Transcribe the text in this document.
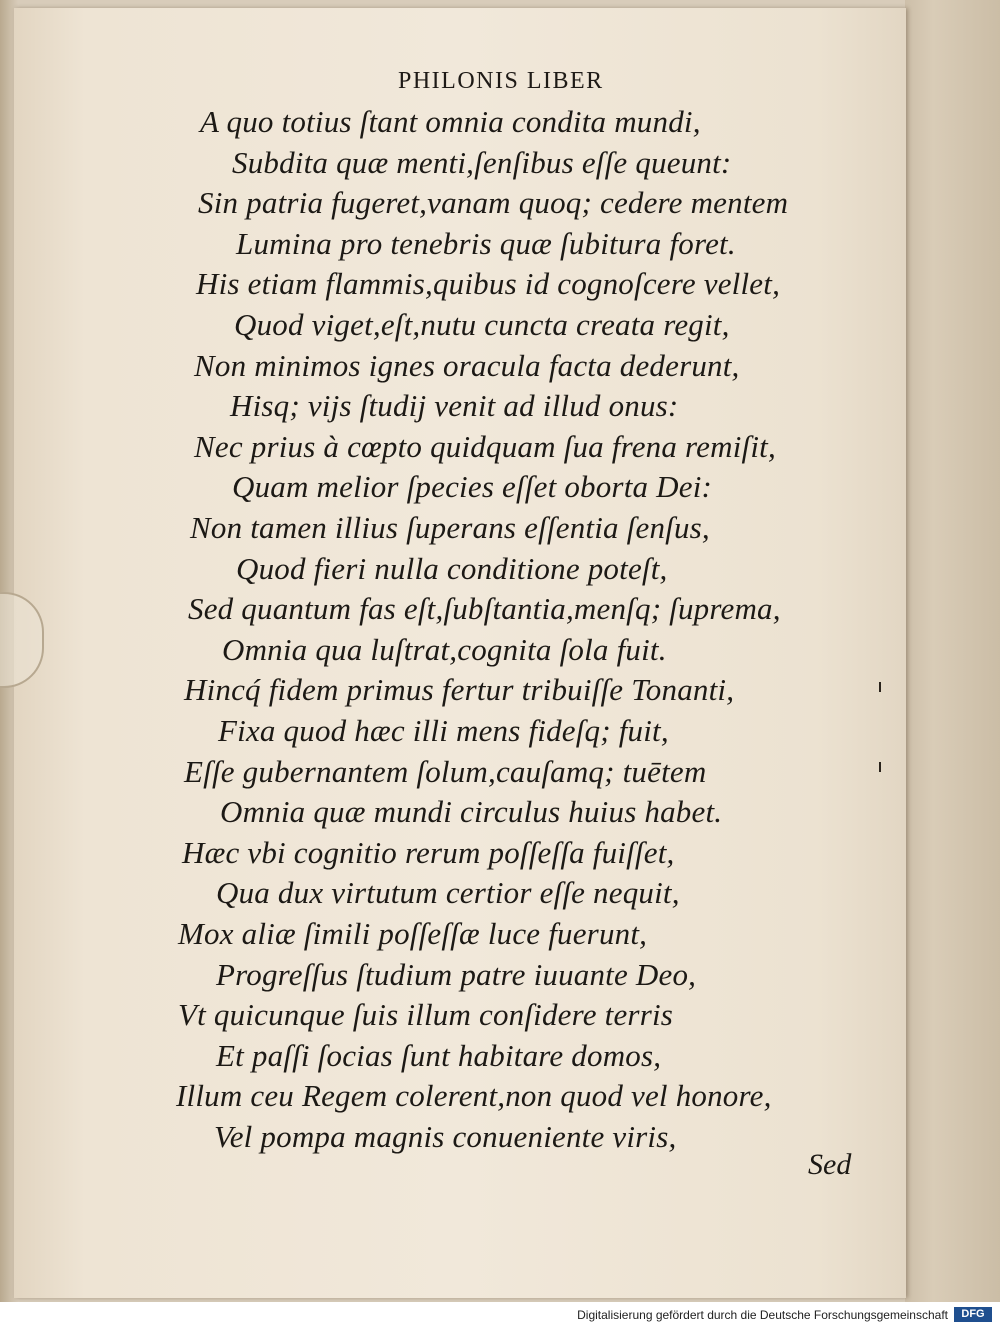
PHILONIS LIBER
A quo totius ſtant omnia condita mundi,
Subdita quæ menti,ſenſibus eſſe queunt:
Sin patria fugeret,vanam quoq; cedere mentem
Lumina pro tenebris quæ ſubitura foret.
His etiam flammis,quibus id cognoſcere vellet,
Quod viget,eſt,nutu cuncta creata regit,
Non minimos ignes oracula facta dederunt,
Hisq; vijs ſtudij venit ad illud onus:
Nec prius à cœpto quidquam ſua frena remiſit,
Quam melior ſpecies eſſet oborta Dei:
Non tamen illius ſuperans eſſentia ſenſus,
Quod fieri nulla conditione poteſt,
Sed quantum fas eſt,ſubſtantia,menſq; ſuprema,
Omnia qua luſtrat,cognita ſola fuit.
Hincq́ fidem primus fertur tribuiſſe Tonanti,
Fixa quod hæc illi mens fideſq; fuit,
Eſſe gubernantem ſolum,cauſamq; tuētem
Omnia quæ mundi circulus huius habet.
Hæc vbi cognitio rerum poſſeſſa fuiſſet,
Qua dux virtutum certior eſſe nequit,
Mox aliæ ſimili poſſeſſæ luce fuerunt,
Progreſſus ſtudium patre iuuante Deo,
Vt quicunque ſuis illum conſidere terris
Et paſſi ſocias ſunt habitare domos,
Illum ceu Regem colerent,non quod vel honore,
Vel pompa magnis conueniente viris,
Sed
Digitalisierung gefördert durch die Deutsche Forschungsgemeinschaft	DFG
